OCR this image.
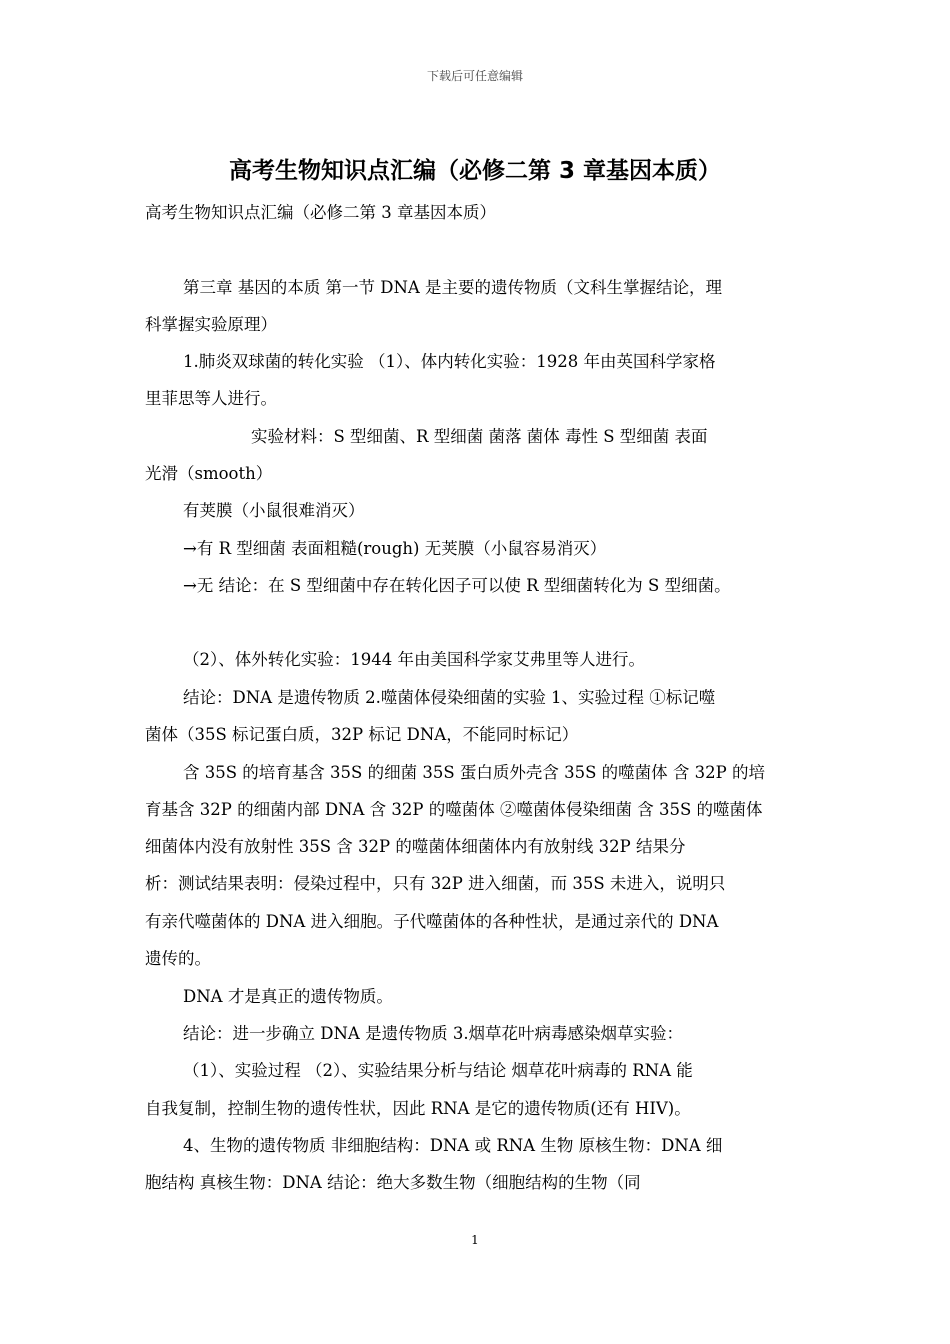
下载后可任意编辑
高考生物知识点汇编（必修二第 3 章基因本质）
高考生物知识点汇编（必修二第 3 章基因本质）
第三章 基因的本质 第一节 DNA 是主要的遗传物质（文科生掌握结论，理
科掌握实验原理）
1.肺炎双球菌的转化实验 （1）、体内转化实验：1928 年由英国科学家格
里菲思等人进行。
实验材料：S 型细菌、R 型细菌 菌落 菌体 毒性 S 型细菌 表面
光滑（smooth）
有荚膜（小鼠很难消灭）
→有 R 型细菌 表面粗糙(rough) 无荚膜（小鼠容易消灭）
→无 结论：在 S 型细菌中存在转化因子可以使 R 型细菌转化为 S 型细菌。
（2）、体外转化实验：1944 年由美国科学家艾弗里等人进行。
结论：DNA 是遗传物质 2.噬菌体侵染细菌的实验 1、实验过程 ①标记噬
菌体（35S 标记蛋白质，32P 标记 DNA，不能同时标记）
含 35S 的培育基含 35S 的细菌 35S 蛋白质外壳含 35S 的噬菌体 含 32P 的培
育基含 32P 的细菌内部 DNA 含 32P 的噬菌体 ②噬菌体侵染细菌 含 35S 的噬菌体
细菌体内没有放射性 35S 含 32P 的噬菌体细菌体内有放射线 32P 结果分
析：测试结果表明：侵染过程中，只有 32P 进入细菌，而 35S 未进入，说明只
有亲代噬菌体的 DNA 进入细胞。子代噬菌体的各种性状，是通过亲代的 DNA
遗传的。
DNA 才是真正的遗传物质。
结论：进一步确立 DNA 是遗传物质 3.烟草花叶病毒感染烟草实验：
（1）、实验过程 （2）、实验结果分析与结论 烟草花叶病毒的 RNA 能
自我复制，控制生物的遗传性状，因此 RNA 是它的遗传物质(还有 HIV)。
4、生物的遗传物质 非细胞结构：DNA 或 RNA 生物 原核生物：DNA 细
胞结构 真核生物：DNA 结论：绝大多数生物（细胞结构的生物（同
1
